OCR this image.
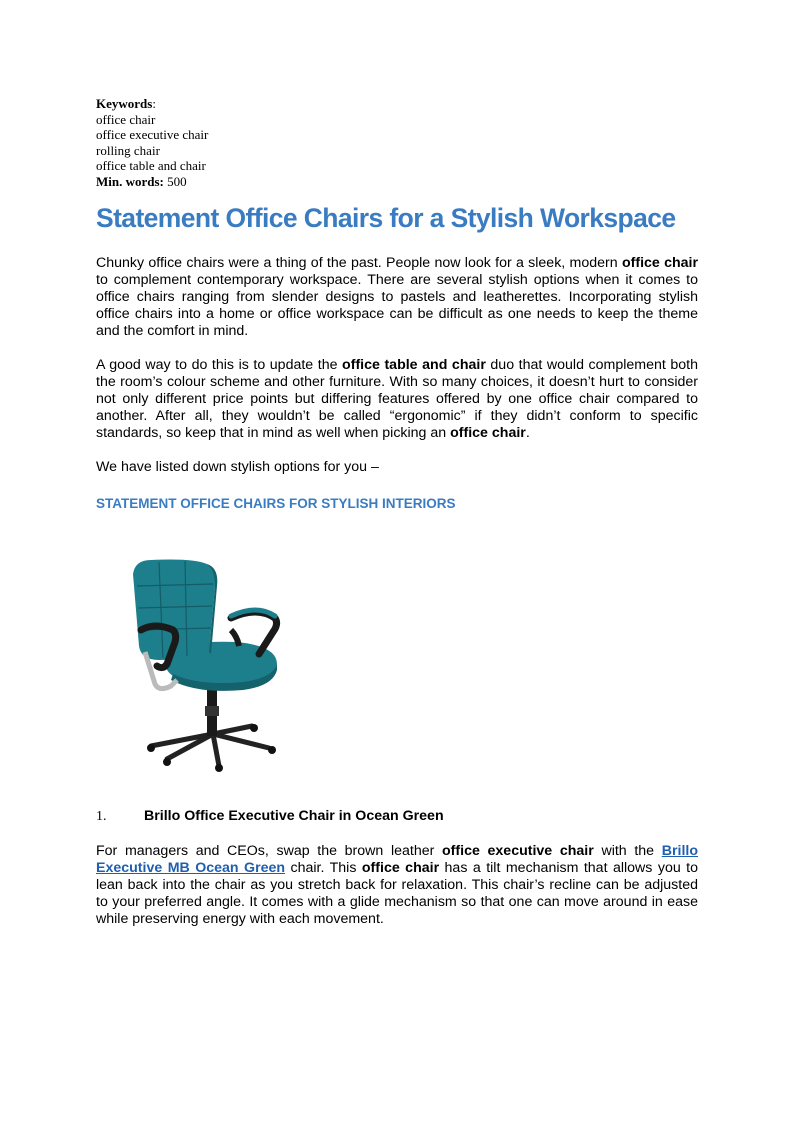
Keywords:
office chair
office executive chair
rolling chair
office table and chair
Min. words: 500
Statement Office Chairs for a Stylish Workspace

Chunky office chairs were a thing of the past. People now look for a sleek, modern office chair to complement contemporary workspace. There are several stylish options when it comes to office chairs ranging from slender designs to pastels and leatherettes. Incorporating stylish office chairs into a home or office workspace can be difficult as one needs to keep the theme and the comfort in mind.

A good way to do this is to update the office table and chair duo that would complement both the room’s colour scheme and other furniture. With so many choices, it doesn’t hurt to consider not only different price points but differing features offered by one office chair compared to another. After all, they wouldn’t be called “ergonomic” if they didn’t conform to specific standards, so keep that in mind as well when picking an office chair.

We have listed down stylish options for you –

STATEMENT OFFICE CHAIRS FOR STYLISH INTERIORS
1.	Brillo Office Executive Chair in Ocean Green

For managers and CEOs, swap the brown leather office executive chair with the Brillo Executive MB Ocean Green chair. This office chair has a tilt mechanism that allows you to lean back into the chair as you stretch back for relaxation. This chair’s recline can be adjusted to your preferred angle. It comes with a glide mechanism so that one can move around in ease while preserving energy with each movement.
